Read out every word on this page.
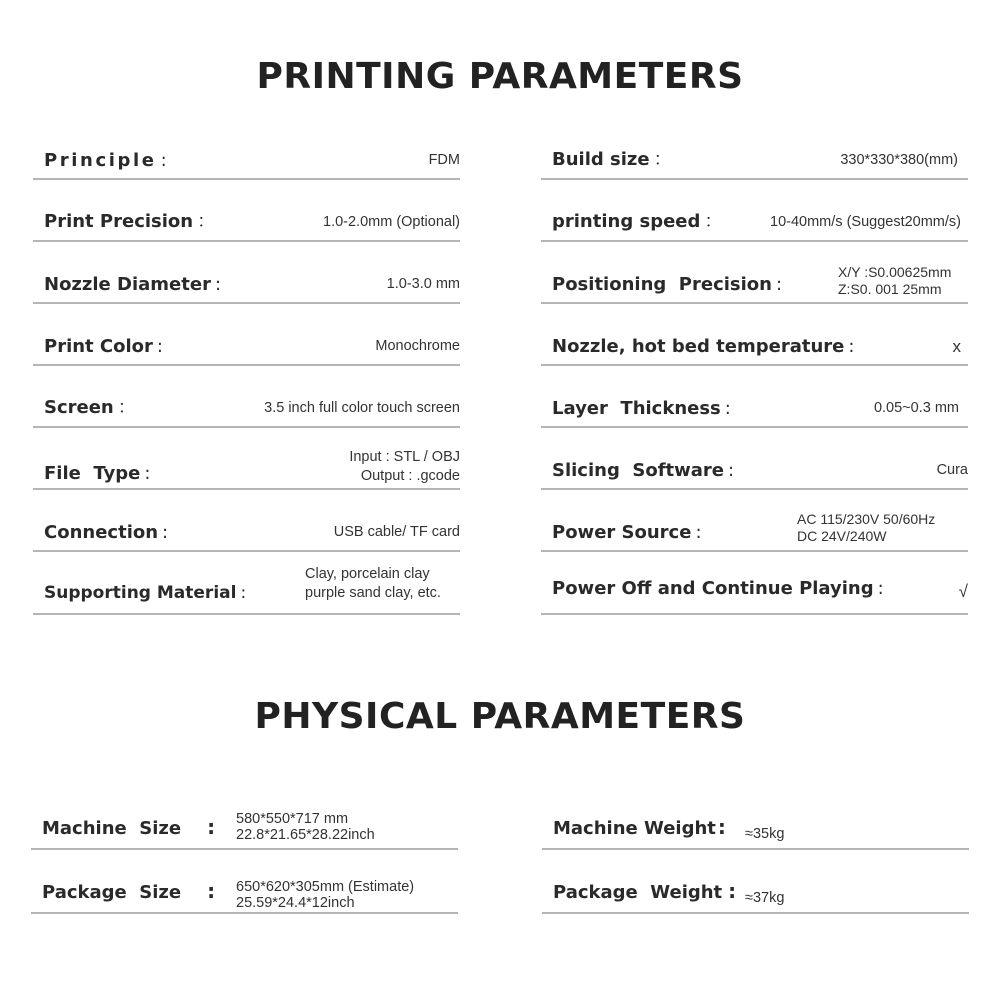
PRINTING PARAMETERS
Principle :	FDM
Print Precision ：	1.0-2.0mm (Optional)
Nozzle Diameter :	1.0-3.0 mm
Print Color :	Monochrome
Screen ：	3.5 inch full color touch screen
File  Type :
Input : STL / OBJ
Output : .gcode
Connection :	USB cable/ TF card
Supporting Material :
Clay, porcelain clay
purple sand clay, etc.
Build size ：	330*330*380(mm)
printing speed ：	10-40mm/s (Suggest20mm/s)
Positioning  Precision :
X/Y :S0.00625mm
Z:S0. 001 25mm
Nozzle, hot bed temperature :	x
Layer  Thickness :	0.05~0.3 mm
Slicing  Software :	Cura
Power Source :
AC 115/230V 50/60Hz
DC 24V/240W
Power Off and Continue Playing :	√
PHYSICAL PARAMETERS
Machine  Size : 580*550*717 mm
22.8*21.65*28.22inch
Package  Size : 650*620*305mm (Estimate)
25.59*24.4*12inch
Machine Weight : ≈35kg
Package  Weight : ≈37kg
